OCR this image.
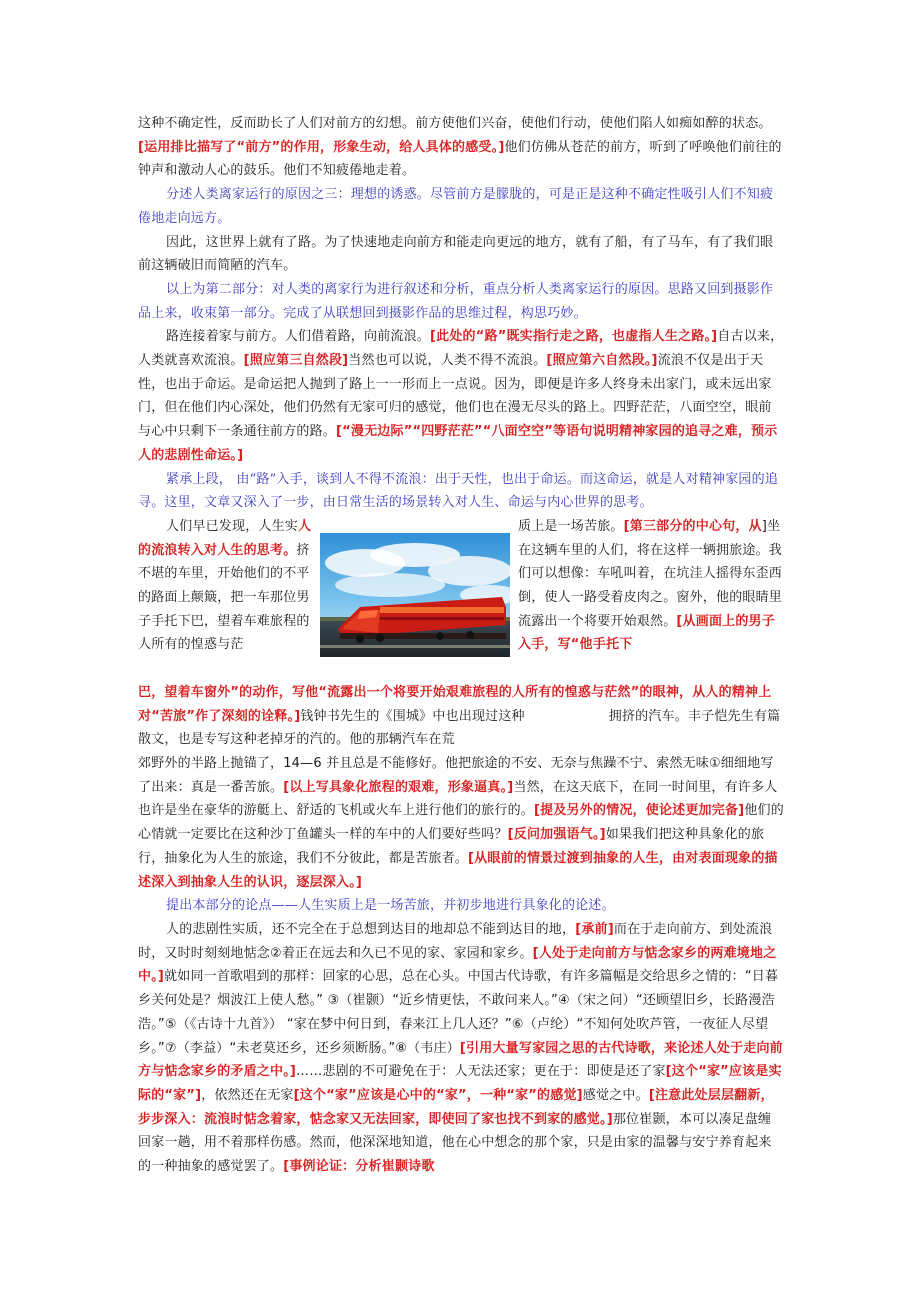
这种不确定性，反而助长了人们对前方的幻想。前方使他们兴奋，使他们行动，使他们陷人如痴如醉的状态。[运用排比描写了“前方”的作用，形象生动，给人具体的感受。]他们仿佛从苍茫的前方，听到了呼唤他们前往的钟声和激动人心的鼓乐。他们不知疲倦地走着。

分述人类离家运行的原因之三：理想的诱惑。尽管前方是朦胧的，可是正是这种不确定性吸引人们不知疲倦地走向远方。

因此，这世界上就有了路。为了快速地走向前方和能走向更远的地方，就有了船，有了马车，有了我们眼前这辆破旧而简陋的汽车。

以上为第二部分：对人类的离家行为进行叙述和分析，重点分析人类离家运行的原因。思路又回到摄影作品上来，收束第一部分。完成了从联想回到摄影作品的思维过程，构思巧妙。

路连接着家与前方。人们借着路，向前流浪。[此处的“路”既实指行走之路，也虚指人生之路。]自古以来，人类就喜欢流浪。[照应第三自然段]当然也可以说，人类不得不流浪。[照应第六自然段。]流浪不仅是出于天性，也出于命运。是命运把人抛到了路上一一形而上一点说。因为，即便是许多人终身未出家门，或未远出家门，但在他们内心深处，他们仍然有无家可归的感觉，他们也在漫无尽头的路上。四野茫茫，八面空空，眼前与心中只剩下一条通往前方的路。[“漫无边际”“四野茫茫”“八面空空”等语句说明精神家园的追寻之难，预示人的悲剧性命运。]

紧承上段， 由“路”入手，谈到人不得不流浪：出于天性，也出于命运。而这命运，就是人对精神家园的追寻。这里，文章又深入了一步，由日常生活的场景转入对人生、命运与内心世界的思考。

人们早已发现，人生实人的流浪转入对人生的思考。挤不堪的车里，开始他们的不平的路面上颠簸，把一车那位男子手托下巴，望着车难旅程的人所有的惶惑与茫
质上是一场苦旅。[第三部分的中心句，从]坐在这辆车里的人们，将在这样一辆拥旅途。我们可以想像：车吼叫着，在坑洼人摇得东歪西倒，使人一路受着皮肉之。窗外，他的眼睛里流露出一个将要开始艰然。[从画面上的男子入手，写“他手托下

巴，望着车窗外”的动作，写他“流露出一个将要开始艰难旅程的人所有的惶惑与茫然”的眼神，从人的精神上对“苦旅”作了深刻的诠释。]钱钟书先生的《围城》中也出现过这种	拥挤的汽车。丰子恺先生有篇散文，也是专写这种老掉牙的汽的。他的那辆汽车在荒

郊野外的半路上抛锚了，14—6 并且总是不能修好。他把旅途的不安、无奈与焦躁不宁、索然无味①细细地写了出来：真是一番苦旅。[以上写具象化旅程的艰难，形象逼真。]当然，在这天底下，在同一时间里，有许多人也许是坐在豪华的游艇上、舒适的飞机或火车上进行他们的旅行的。[提及另外的情况，使论述更加完备]他们的心情就一定要比在这种沙丁鱼罐头一样的车中的人们要好些吗？[反问加强语气。]如果我们把这种具象化的旅行，抽象化为人生的旅途，我们不分彼此，都是苦旅者。[从眼前的情景过渡到抽象的人生，由对表面现象的描述深入到抽象人生的认识，逐层深入。]

提出本部分的论点——人生实质上是一场苦旅，并初步地进行具象化的论述。

人的悲剧性实质，还不完全在于总想到达目的地却总不能到达目的地，[承前]而在于走向前方、到处流浪时，又时时刻刻地惦念②着正在远去和久已不见的家、家园和家乡。[人处于走向前方与惦念家乡的两难境地之中。]就如同一首歌唱到的那样：回家的心思，总在心头。中国古代诗歌，有许多篇幅是交给思乡之情的：“日暮乡关何处是？烟波江上使人愁。” ③（崔颢）“近乡情更怯，不敢问来人。”④（宋之问）“还顾望旧乡，长路漫浩浩。”⑤（《古诗十九首》） “家在梦中何日到，春来江上几人还？”⑥（卢纶）“不知何处吹芦管，一夜征人尽望乡。”⑦（李益）“未老莫还乡，还乡须断肠。”⑧（韦庄）[引用大量写家园之思的古代诗歌，来论述人处于走向前方与惦念家乡的矛盾之中。]……悲剧的不可避免在于：人无法还家；更在于：即使是还了家[这个“家”应该是实际的“家”]，依然还在无家[这个“家”应该是心中的“家”，一种“家”的感觉]感觉之中。[注意此处层层翻新，步步深入：流浪时惦念着家，惦念家又无法回家，即使回了家也找不到家的感觉。]那位崔颢，本可以凑足盘缠回家一趟，用不着那样伤感。然而，他深深地知道，他在心中想念的那个家，只是由家的温馨与安宁养育起来的一种抽象的感觉罢了。[事例论证：分析崔颢诗歌
